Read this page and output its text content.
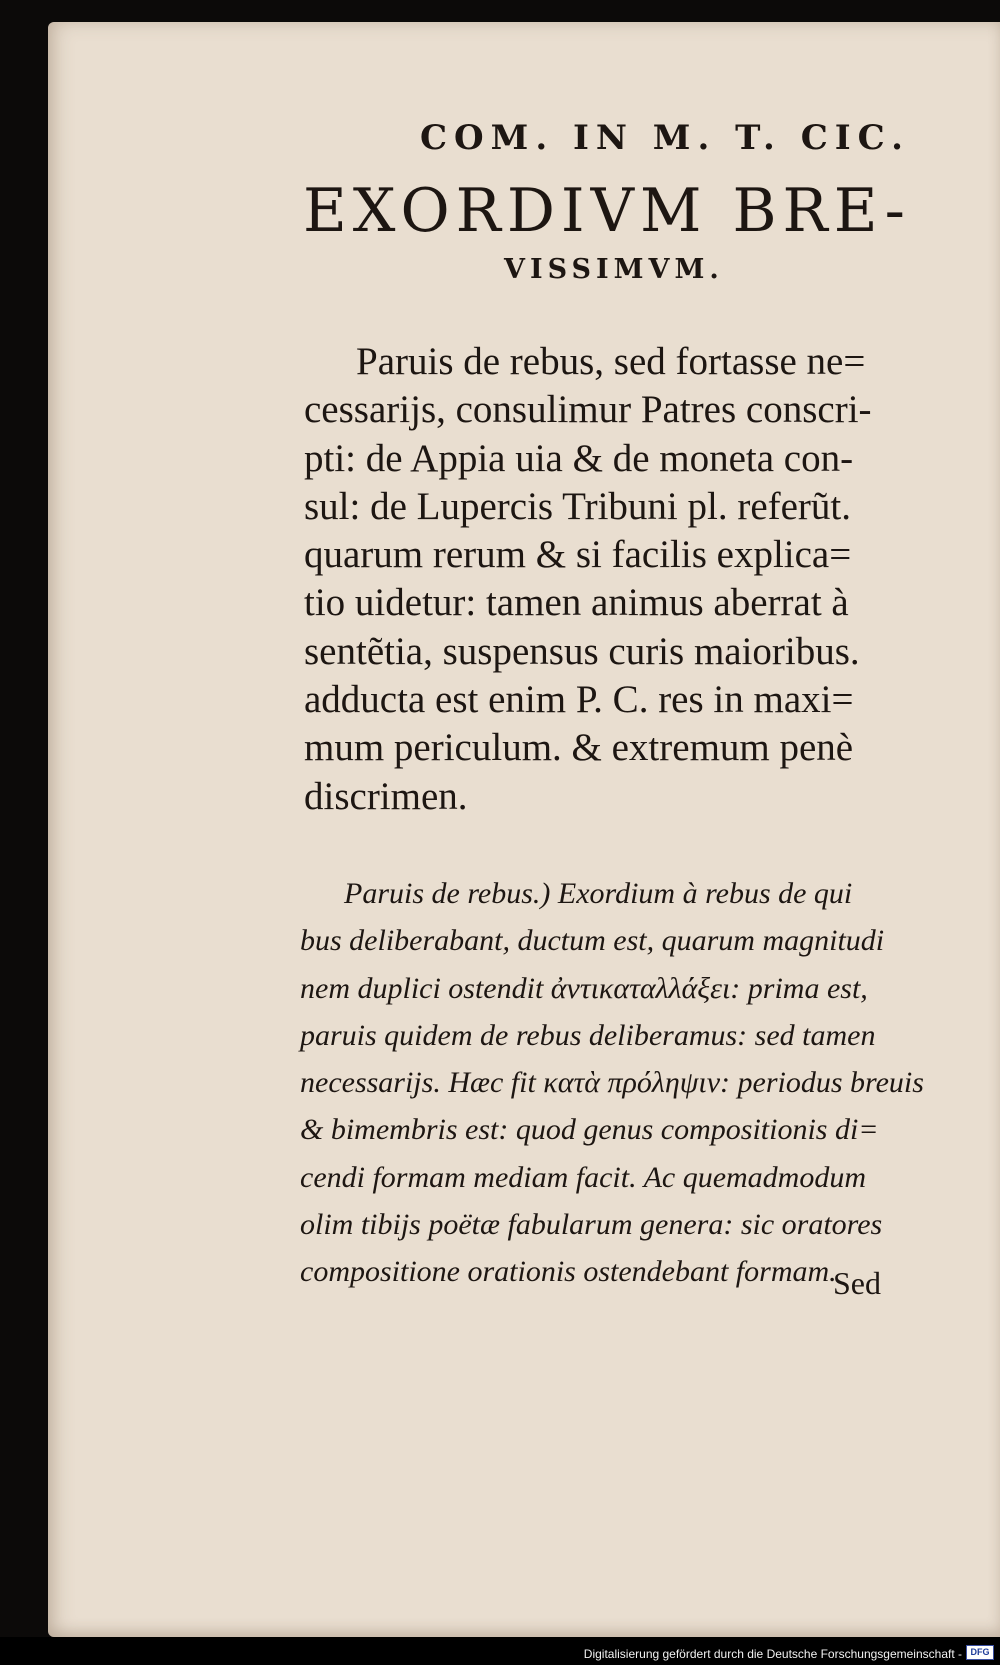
COM. IN M. T. CIC.

EXORDIVM BRE-

VISSIMVM.

Paruis de rebus, sed fortasse ne=
cessarijs, consulimur Patres conscri-
pti: de Appia uia & de moneta con-
sul: de Lupercis Tribuni pl. referũt.
quarum rerum & si facilis explica=
tio uidetur: tamen animus aberrat à
sentẽtia, suspensus curis maioribus.
adducta est enim P. C. res in maxi=
mum periculum. & extremum penè
discrimen.
Paruis de rebus.) Exordium à rebus de qui
bus deliberabant, ductum est, quarum magnitudi
nem duplici ostendit ἀντικαταλλάξει: prima est,
paruis quidem de rebus deliberamus: sed tamen
necessarijs. Hæc fit κατὰ πρόληψιν: periodus breuis
& bimembris est: quod genus compositionis di=
cendi formam mediam facit. Ac quemadmodum
olim tibijs poëtæ fabularum genera: sic oratores
compositione orationis ostendebant formam.

Sed

Digitalisierung gefördert durch die Deutsche Forschungsgemeinschaft - DFG
